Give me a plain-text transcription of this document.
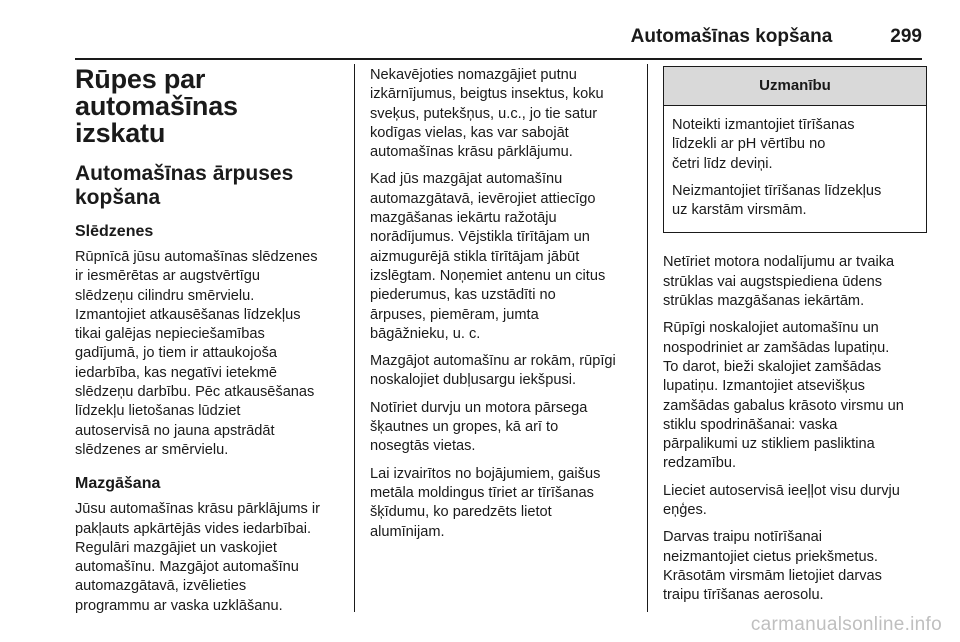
Automašīnas kopšana	299
Rūpes par automašīnas
izskatu
Automašīnas ārpuses
kopšana
Slēdzenes

Rūpnīcā jūsu automašīnas slēdzenes
ir iesmērētas ar augstvērtīgu
slēdzeņu cilindru smērvielu.
Izmantojiet atkausēšanas līdzekļus
tikai galējas nepieciešamības
gadījumā, jo tiem ir attaukojoša
iedarbība, kas negatīvi ietekmē
slēdzeņu darbību. Pēc atkausēšanas
līdzekļu lietošanas lūdziet
autoservisā no jauna apstrādāt
slēdzenes ar smērvielu.

Mazgāšana

Jūsu automašīnas krāsu pārklājums ir
pakļauts apkārtējās vides iedarbībai.
Regulāri mazgājiet un vaskojiet
automašīnu. Mazgājot automašīnu
automazgātavā, izvēlieties
programmu ar vaska uzklāšanu.

Nekavējoties nomazgājiet putnu
izkārnījumus, beigtus insektus, koku
sveķus, putekšņus, u.c., jo tie satur
kodīgas vielas, kas var sabojāt
automašīnas krāsu pārklājumu.

Kad jūs mazgājat automašīnu
automazgātavā, ievērojiet attiecīgo
mazgāšanas iekārtu ražotāju
norādījumus. Vējstikla tīrītājam un
aizmugurējā stikla tīrītājam jābūt
izslēgtam. Noņemiet antenu un citus
piederumus, kas uzstādīti no
ārpuses, piemēram, jumta
bāgāžnieku, u. c.

Mazgājot automašīnu ar rokām, rūpīgi
noskalojiet dubļusargu iekšpusi.

Notīriet durvju un motora pārsega
šķautnes un gropes, kā arī to
nosegtās vietas.

Lai izvairītos no bojājumiem, gaišus
metāla moldingus tīriet ar tīrīšanas
šķīdumu, ko paredzēts lietot
alumīnijam.

Uzmanību

Noteikti izmantojiet tīrīšanas
līdzekli ar pH vērtību no
četri līdz deviņi.

Neizmantojiet tīrīšanas līdzekļus
uz karstām virsmām.

Netīriet motora nodalījumu ar tvaika
strūklas vai augstspiediena ūdens
strūklas mazgāšanas iekārtām.

Rūpīgi noskalojiet automašīnu un
nospodriniet ar zamšādas lupatiņu.
To darot, bieži skalojiet zamšādas
lupatiņu. Izmantojiet atsevišķus
zamšādas gabalus krāsoto virsmu un
stiklu spodrināšanai: vaska
pārpalikumi uz stikliem pasliktina
redzamību.

Lieciet autoservisā ieeļļot visu durvju
eņģes.

Darvas traipu notīrīšanai
neizmantojiet cietus priekšmetus.
Krāsotām virsmām lietojiet darvas
traipu tīrīšanas aerosolu.

carmanualsonline.info
